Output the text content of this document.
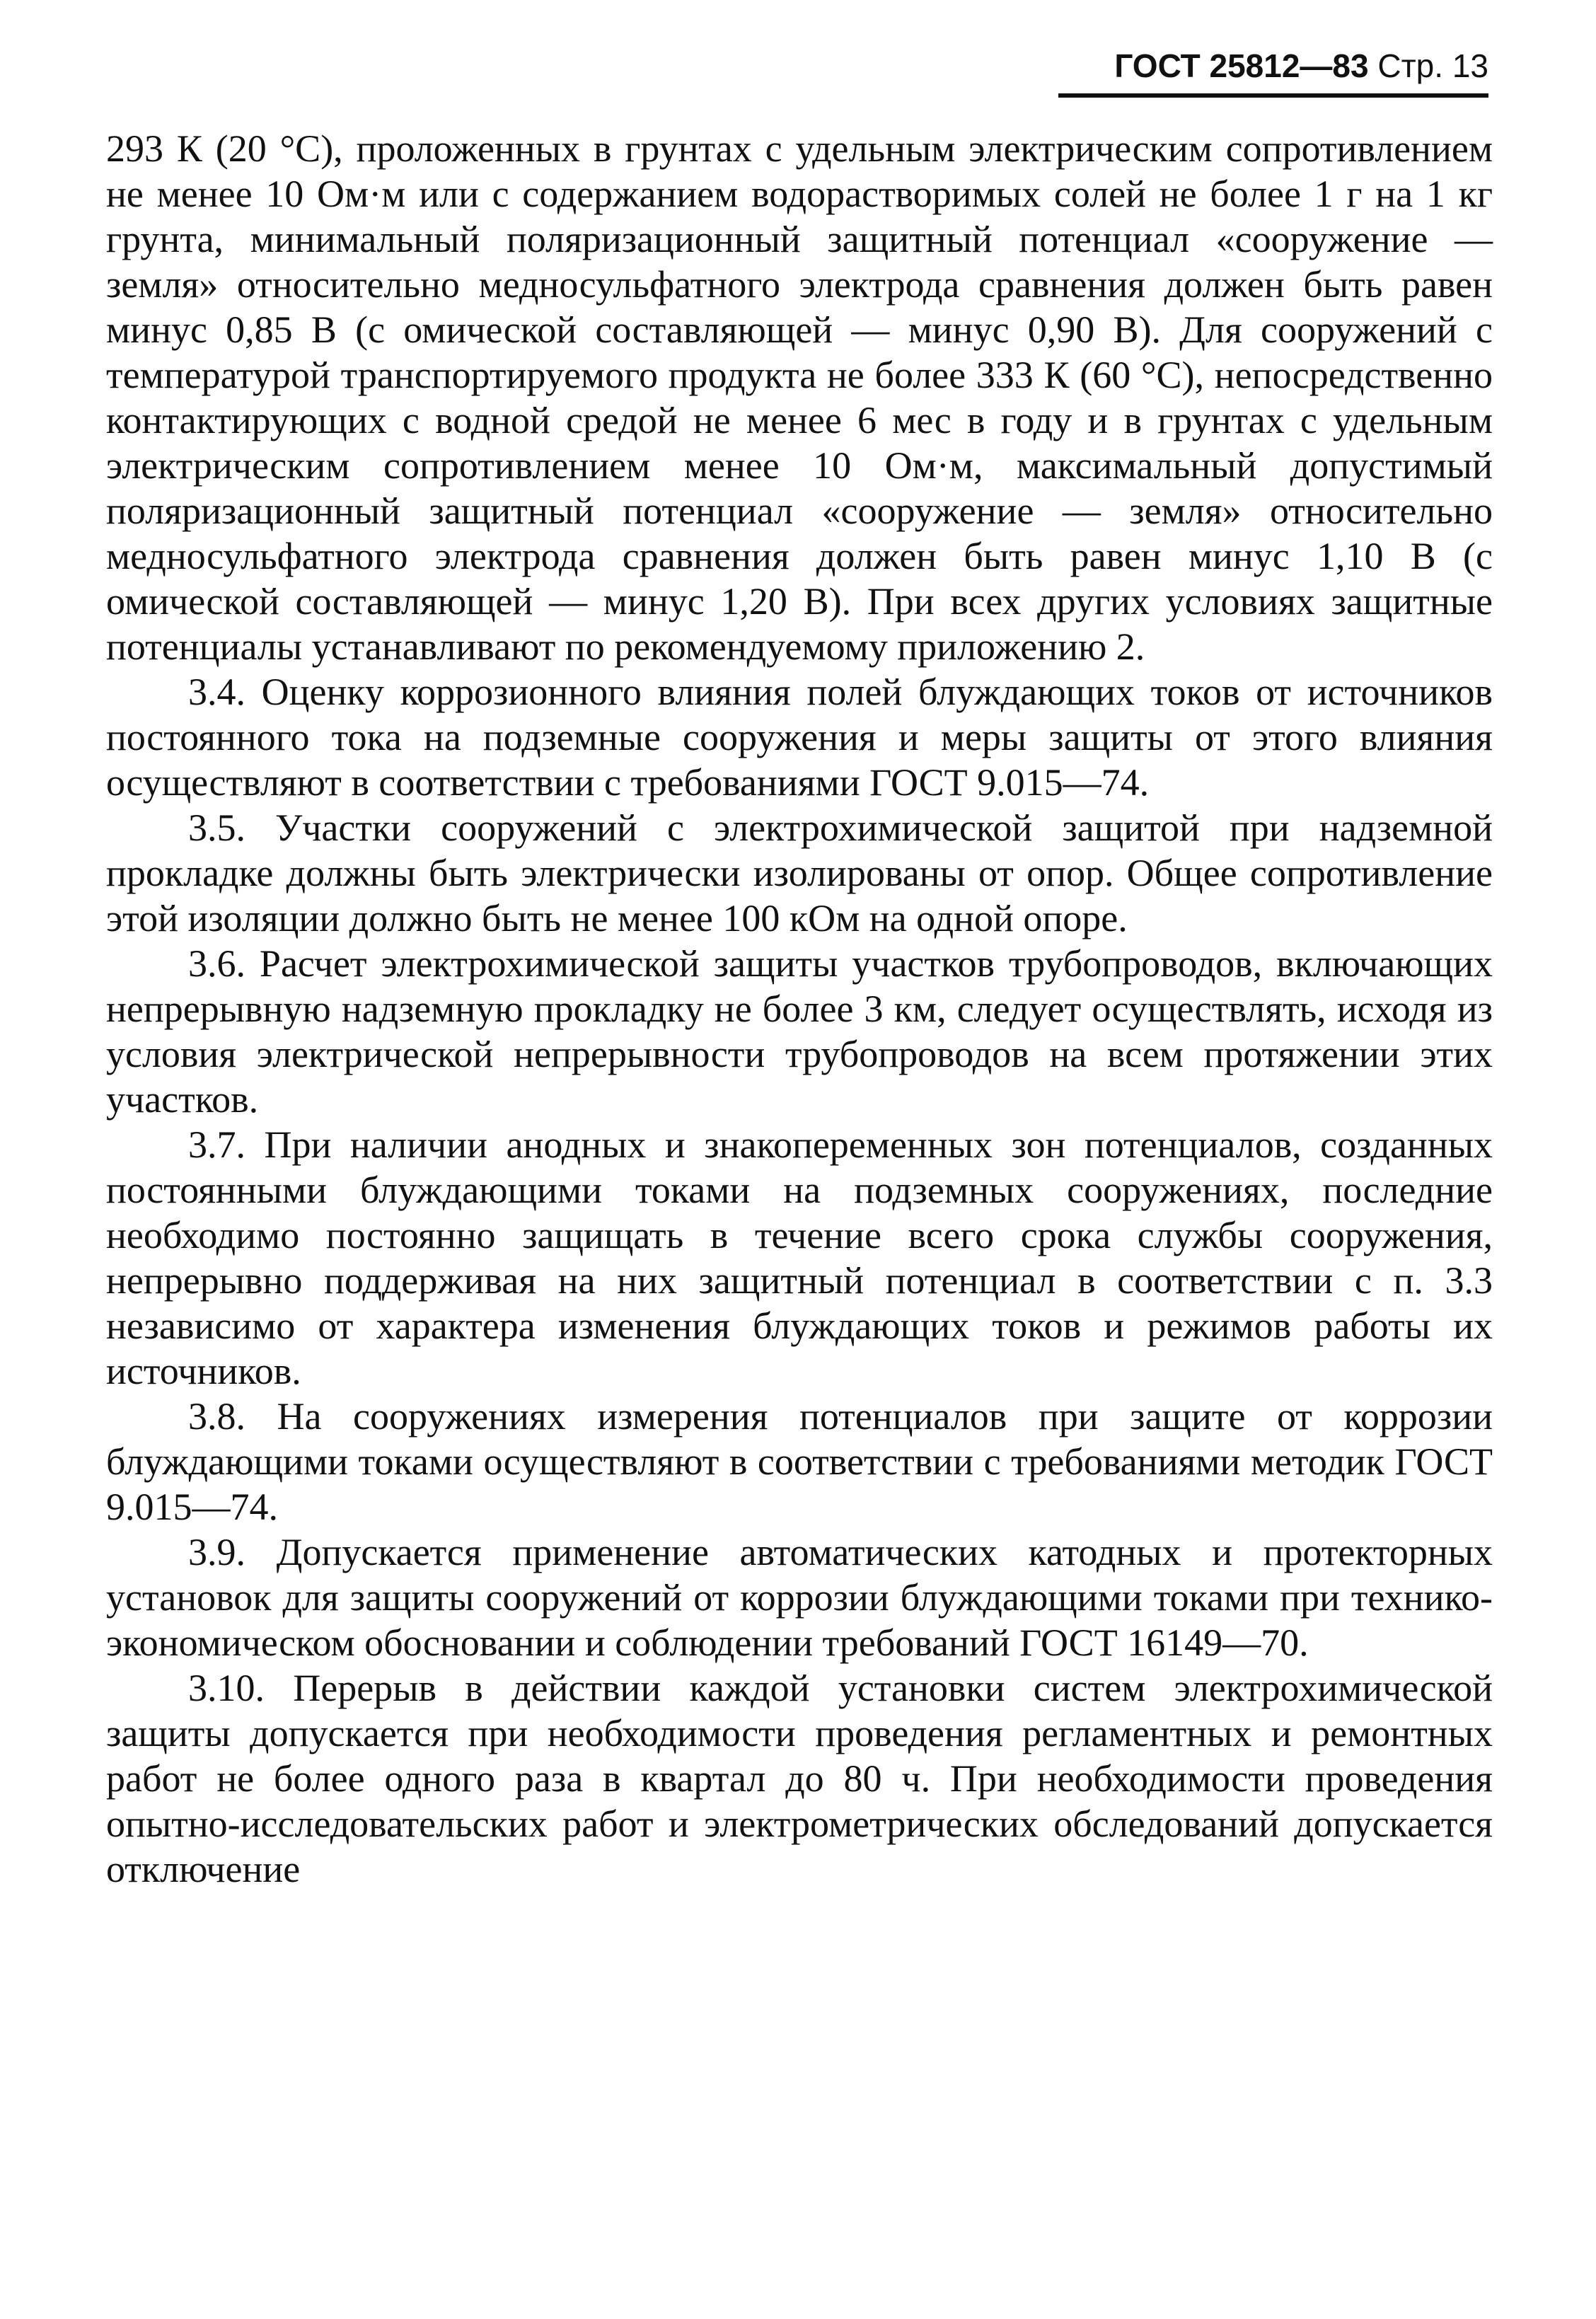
ГОСТ 25812—83 Стр. 13

293 К (20 °С), проложенных в грунтах с удельным электрическим сопротивлением не менее 10 Ом·м или с содержанием водорастворимых солей не более 1 г на 1 кг грунта, минимальный поляризационный защитный потенциал «сооружение — земля» относительно медносульфатного электрода сравнения должен быть равен минус 0,85 В (с омической составляющей — минус 0,90 В). Для сооружений с температурой транспортируемого продукта не более 333 К (60 °С), непосредственно контактирующих с водной средой не менее 6 мес в году и в грунтах с удельным электрическим сопротивлением менее 10 Ом·м, максимальный допустимый поляризационный защитный потенциал «сооружение — земля» относительно медносульфатного электрода сравнения должен быть равен минус 1,10 В (с омической составляющей — минус 1,20 В). При всех других условиях защитные потенциалы устанавливают по рекомендуемому приложению 2.

3.4. Оценку коррозионного влияния полей блуждающих токов от источников постоянного тока на подземные сооружения и меры защиты от этого влияния осуществляют в соответствии с требованиями ГОСТ 9.015—74.

3.5. Участки сооружений с электрохимической защитой при надземной прокладке должны быть электрически изолированы от опор. Общее сопротивление этой изоляции должно быть не менее 100 кОм на одной опоре.

3.6. Расчет электрохимической защиты участков трубопроводов, включающих непрерывную надземную прокладку не более 3 км, следует осуществлять, исходя из условия электрической непрерывности трубопроводов на всем протяжении этих участков.

3.7. При наличии анодных и знакопеременных зон потенциалов, созданных постоянными блуждающими токами на подземных сооружениях, последние необходимо постоянно защищать в течение всего срока службы сооружения, непрерывно поддерживая на них защитный потенциал в соответствии с п. 3.3 независимо от характера изменения блуждающих токов и режимов работы их источников.

3.8. На сооружениях измерения потенциалов при защите от коррозии блуждающими токами осуществляют в соответствии с требованиями методик ГОСТ 9.015—74.

3.9. Допускается применение автоматических катодных и протекторных установок для защиты сооружений от коррозии блуждающими токами при технико-экономическом обосновании и соблюдении требований ГОСТ 16149—70.

3.10. Перерыв в действии каждой установки систем электрохимической защиты допускается при необходимости проведения регламентных и ремонтных работ не более одного раза в квартал до 80 ч. При необходимости проведения опытно-исследовательских работ и электрометрических обследований допускается отключение
